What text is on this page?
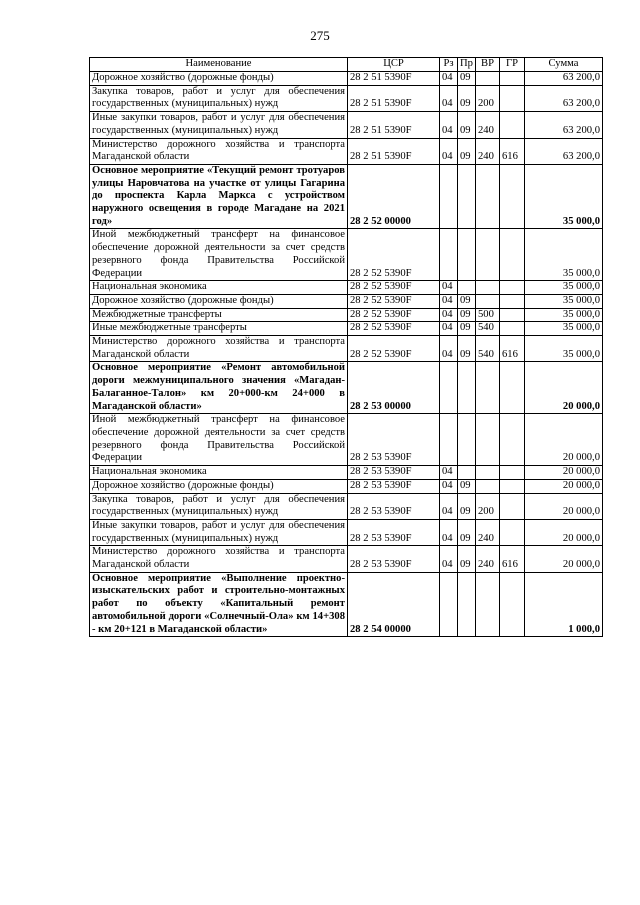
275
Наименование	ЦСР	Рз	Пр	ВР	ГР	Сумма
Дорожное хозяйство (дорожные фонды)	28 2 51 5390F	04	09			63 200,0
Закупка товаров, работ и услуг для обеспечения государственных (муниципальных) нужд	28 2 51 5390F	04	09	200		63 200,0
Иные закупки товаров, работ и услуг для обеспечения государственных (муниципальных) нужд	28 2 51 5390F	04	09	240		63 200,0
Министерство дорожного хозяйства и транспорта Магаданской области	28 2 51 5390F	04	09	240	616	63 200,0
Основное мероприятие «Текущий ремонт тротуаров улицы Наровчатова на участке от улицы Гагарина до проспекта Карла Маркса с устройством наружного освещения в городе Магадане на 2021 год»	28 2 52 00000					35 000,0
Иной межбюджетный трансферт на финансовое обеспечение дорожной деятельности за счет средств резервного фонда Правительства Российской Федерации	28 2 52 5390F					35 000,0
Национальная экономика	28 2 52 5390F	04				35 000,0
Дорожное хозяйство (дорожные фонды)	28 2 52 5390F	04	09			35 000,0
Межбюджетные трансферты	28 2 52 5390F	04	09	500		35 000,0
Иные межбюджетные трансферты	28 2 52 5390F	04	09	540		35 000,0
Министерство дорожного хозяйства и транспорта Магаданской области	28 2 52 5390F	04	09	540	616	35 000,0
Основное мероприятие «Ремонт автомобильной дороги межмуниципального значения «Магадан-Балаганное-Талон» км 20+000-км 24+000 в Магаданской области»	28 2 53 00000					20 000,0
Иной межбюджетный трансферт на финансовое обеспечение дорожной деятельности за счет средств резервного фонда Правительства Российской Федерации	28 2 53 5390F					20 000,0
Национальная экономика	28 2 53 5390F	04				20 000,0
Дорожное хозяйство (дорожные фонды)	28 2 53 5390F	04	09			20 000,0
Закупка товаров, работ и услуг для обеспечения государственных (муниципальных) нужд	28 2 53 5390F	04	09	200		20 000,0
Иные закупки товаров, работ и услуг для обеспечения государственных (муниципальных) нужд	28 2 53 5390F	04	09	240		20 000,0
Министерство дорожного хозяйства и транспорта Магаданской области	28 2 53 5390F	04	09	240	616	20 000,0
Основное мероприятие «Выполнение проектно-изыскательских работ и строительно-монтажных работ по объекту «Капитальный ремонт автомобильной дороги «Солнечный-Ола» км 14+308 - км 20+121 в Магаданской области»	28 2 54 00000					1 000,0
